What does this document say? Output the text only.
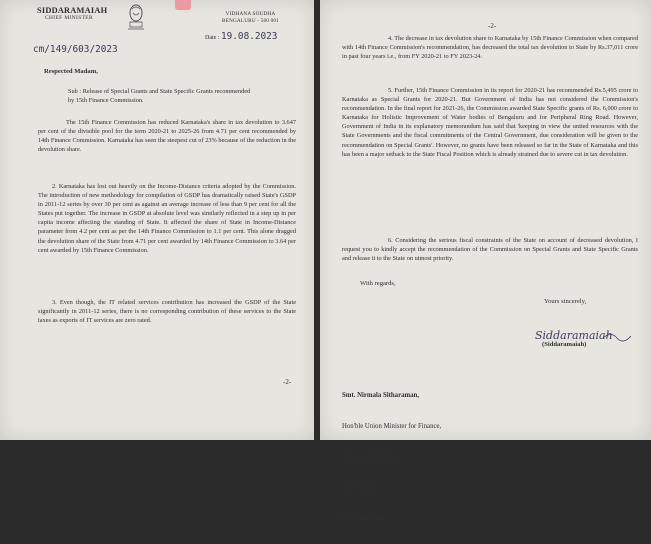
SIDDARAMAIAH
CHIEF MINISTER
VIDHANA SOUDHA
BENGALURU - 560 001
Date : 19.08.2023
cm/149/603/2023
Respected Madam,
Sub : Release of Special Grants and State Specific Grants recommended by 15th Finance Commission.
The 15th Finance Commission has reduced Karnataka's share in tax devolution to 3.647 per cent of the divisible pool for the term 2020-21 to 2025-26 from 4.71 per cent recommended by 14th Finance Commission. Karnataka has seen the steepest cut of 23% because of the reduction in the devolution share.
2. Karnataka has lost out heavily on the Income-Distance criteria adopted by the Commission. The introduction of new methodology for compilation of GSDP has dramatically raised State's GSDP in 2011-12 series by over 30 per cent as against an average increase of less than 9 per cent for all the States put together. The increase in GSDP at absolute level was similarly reflected in a step up in per capita income affecting the standing of State. It affected the share of State in Income-Distance parameter from 4.2 per cent as per the 14th Finance Commission to 1.1 per cent. This alone dragged the devolution share of the State from 4.71 per cent awarded by 14th Finance Commission to 3.64 per cent awarded by 15th Finance Commission.
3. Even though, the IT related services contribution has increased the GSDP of the State significantly in 2011-12 series, there is no corresponding contribution of these services to the State taxes as exports of IT services are zero rated.
-2-
-2-
4. The decrease in tax devolution share to Karnataka by 15th Finance Commission when compared with 14th Finance Commission's recommendation, has decreased the total tax devolution to State by Rs.37,011 crore in past four years i.e., from FY 2020-21 to FY 2023-24.
5. Further, 15th Finance Commission in its report for 2020-21 has recommended Rs.5,495 crore to Karnataka as Special Grants for 2020-21. But Government of India has not considered the Commission's recommendation. In the final report for 2021-26, the Commission awarded State Specific grants of Rs. 6,000 crore to Karnataka for Holistic Improvement of Water bodies of Bengaluru and for Peripheral Ring Road. However, Government of India in its explanatory memorandum has said that 'keeping in view the united resources with the State Governments and the fiscal commitments of the Central Government, due consideration will be given to the recommendation on Special Grants'. However, no grants have been released so far in the State of Karnataka and this has been a major setback to the State Fiscal Position which is already strained due to severe cut in tax devolution.
6. Considering the serious fiscal constraints of the State on account of decreased devolution, I request you to kindly accept the recommendation of the Commission on Special Grants and State Specific Grants and release it to the State on utmost priority.
With regards,
Yours sincerely,
Siddaramaiah
(Siddaramaiah)

Smt. Nirmala Sitharaman,

Hon'ble Union Minister for Finance,

Ministry of Finance,

North Block,

NEW DELHI.
